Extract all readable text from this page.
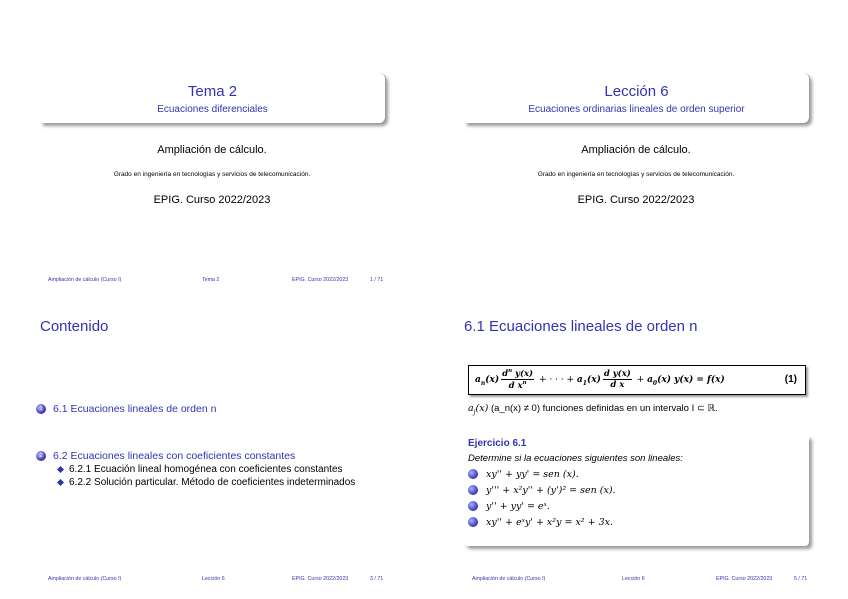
Tema 2
Ecuaciones diferenciales
Ampliación de cálculo.
Grado en ingeniería en tecnologías y servicios de telecomunicación.
EPIG. Curso 2022/2023
Ampliación de cálculo (Curso I)	Tema 2	EPIG. Curso 2022/2023	1 / 71
Lección 6
Ecuaciones ordinarias lineales de orden superior
Ampliación de cálculo.
Grado en ingeniería en tecnologías y servicios de telecomunicación.
EPIG. Curso 2022/2023
Contenido
1 6.1 Ecuaciones lineales de orden n
2 6.2 Ecuaciones lineales con coeficientes constantes
6.2.1 Ecuación lineal homogénea con coeficientes constantes
6.2.2 Solución particular. Método de coeficientes indeterminados
Ampliación de cálculo (Curso I)	Lección 6	EPIG. Curso 2022/2023	3 / 71
6.1 Ecuaciones lineales de orden n
$a_n(x) \frac{d^n y(x)}{d x^n}$ + · · · + $a_1(x) \frac{\text{d y(x)}}{\text{d x}} + a_0(x) y(x) = f(x)$	(1)
$a_j(x)$ (a_n(x) ≠ 0) funciones definidas en un intervalo I ⊂ ℝ.
Ejercicio 6.1
Determine si la ecuaciones siguientes son lineales:
xy'' + yy' = sen (x).
y''' + x²y'' + (y')² = sen (x).
y'' + yy' = eˣ.
xy'' + eˣy' + x²y = x² + 3x.
Ampliación de cálculo (Curso I)	Lección 6	EPIG. Curso 2022/2023	5 / 71
